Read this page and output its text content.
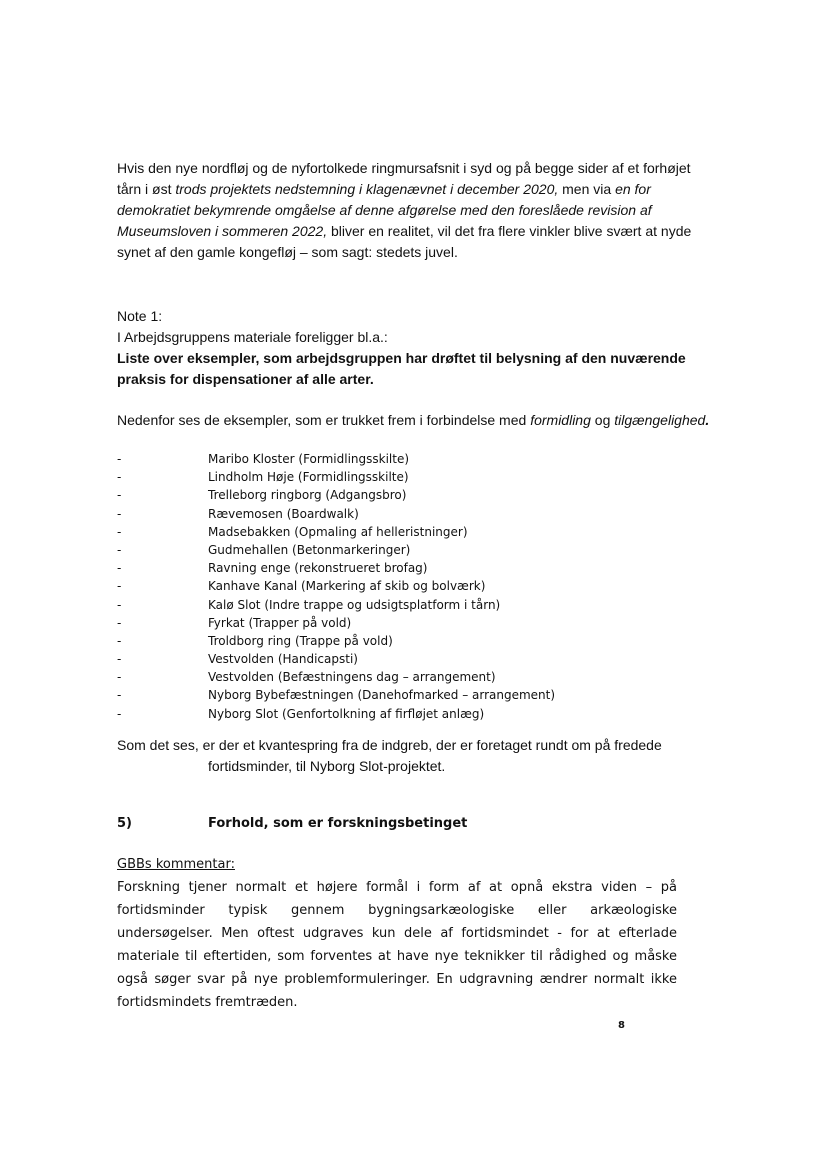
Hvis den nye nordfløj og de nyfortolkede ringmursafsnit i syd og på begge sider af et forhøjet tårn i øst trods projektets nedstemning i klagenævnet i december 2020, men via en for demokratiet bekymrende omgåelse af denne afgørelse med den foreslåede revision af Museumsloven i sommeren 2022, bliver en realitet, vil det fra flere vinkler blive svært at nyde synet af den gamle kongefløj – som sagt: stedets juvel.

Note 1:

I Arbejdsgruppens materiale foreligger bl.a.:

Liste over eksempler, som arbejdsgruppen har drøftet til belysning af den nuværende praksis for dispensationer af alle arter.

Nedenfor ses de eksempler, som er trukket frem i forbindelse med formidling og tilgængelighed.

-	Maribo Kloster (Formidlingsskilte)
-	Lindholm Høje (Formidlingsskilte)
-	Trelleborg ringborg (Adgangsbro)
-	Rævemosen (Boardwalk)
-	Madsebakken (Opmaling af helleristninger)
-	Gudmehallen (Betonmarkeringer)
-	Ravning enge (rekonstrueret brofag)
-	Kanhave Kanal (Markering af skib og bolværk)
-	Kalø Slot (Indre trappe og udsigtsplatform i tårn)
-	Fyrkat (Trapper på vold)
-	Troldborg ring (Trappe på vold)
-	Vestvolden (Handicapsti)
-	Vestvolden (Befæstningens dag – arrangement)
-	Nyborg Bybefæstningen (Danehofmarked – arrangement)
-	Nyborg Slot (Genfortolkning af firfløjet anlæg)
Som det ses, er der et kvantespring fra de indgreb, der er foretaget rundt om på fredede
fortidsminder, til Nyborg Slot-projektet.
5)	Forhold, som er forskningsbetinget
GBBs kommentar:
Forskning tjener normalt et højere formål i form af at opnå ekstra viden – på fortidsminder typisk gennem bygningsarkæologiske eller arkæologiske undersøgelser. Men oftest udgraves kun dele af fortidsmindet - for at efterlade materiale til eftertiden, som forventes at have nye teknikker til rådighed og måske også søger svar på nye problemformuleringer. En udgravning ændrer normalt ikke fortidsmindets fremtræden.
8
